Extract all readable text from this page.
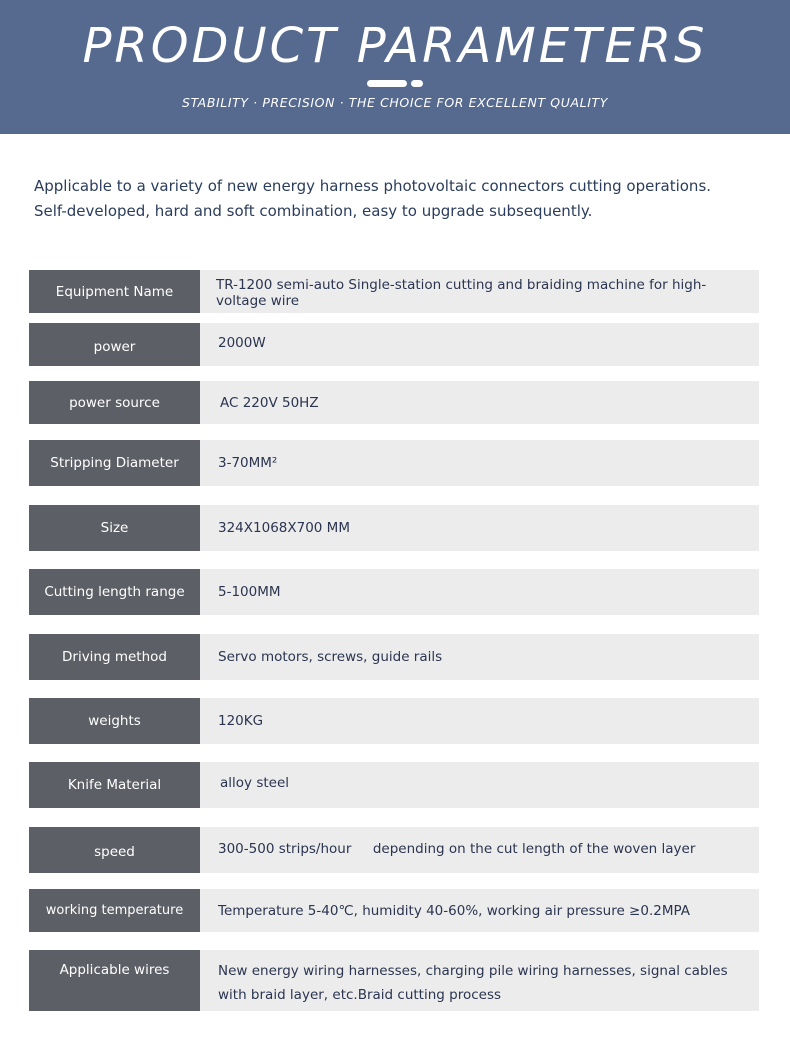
PRODUCT PARAMETERS
STABILITY · PRECISION · THE CHOICE FOR EXCELLENT QUALITY

Applicable to a variety of new energy harness photovoltaic connectors cutting operations.

Self-developed, hard and soft combination, easy to upgrade subsequently.

Equipment Name	TR-1200 semi-auto Single-station cutting and braiding machine for high-voltage wire
power	2000W
power source	AC 220V 50HZ
Stripping Diameter	3-70MM²
Size	324X1068X700 MM
Cutting length range	5-100MM
Driving method	Servo motors, screws, guide rails
weights	120KG
Knife Material	alloy steel
speed	300-500 strips/hour     depending on the cut length of the woven layer
working temperature	Temperature 5-40℃, humidity 40-60%, working air pressure ≥0.2MPA
Applicable wires	New energy wiring harnesses, charging pile wiring harnesses, signal cables with braid layer, etc.Braid cutting process
